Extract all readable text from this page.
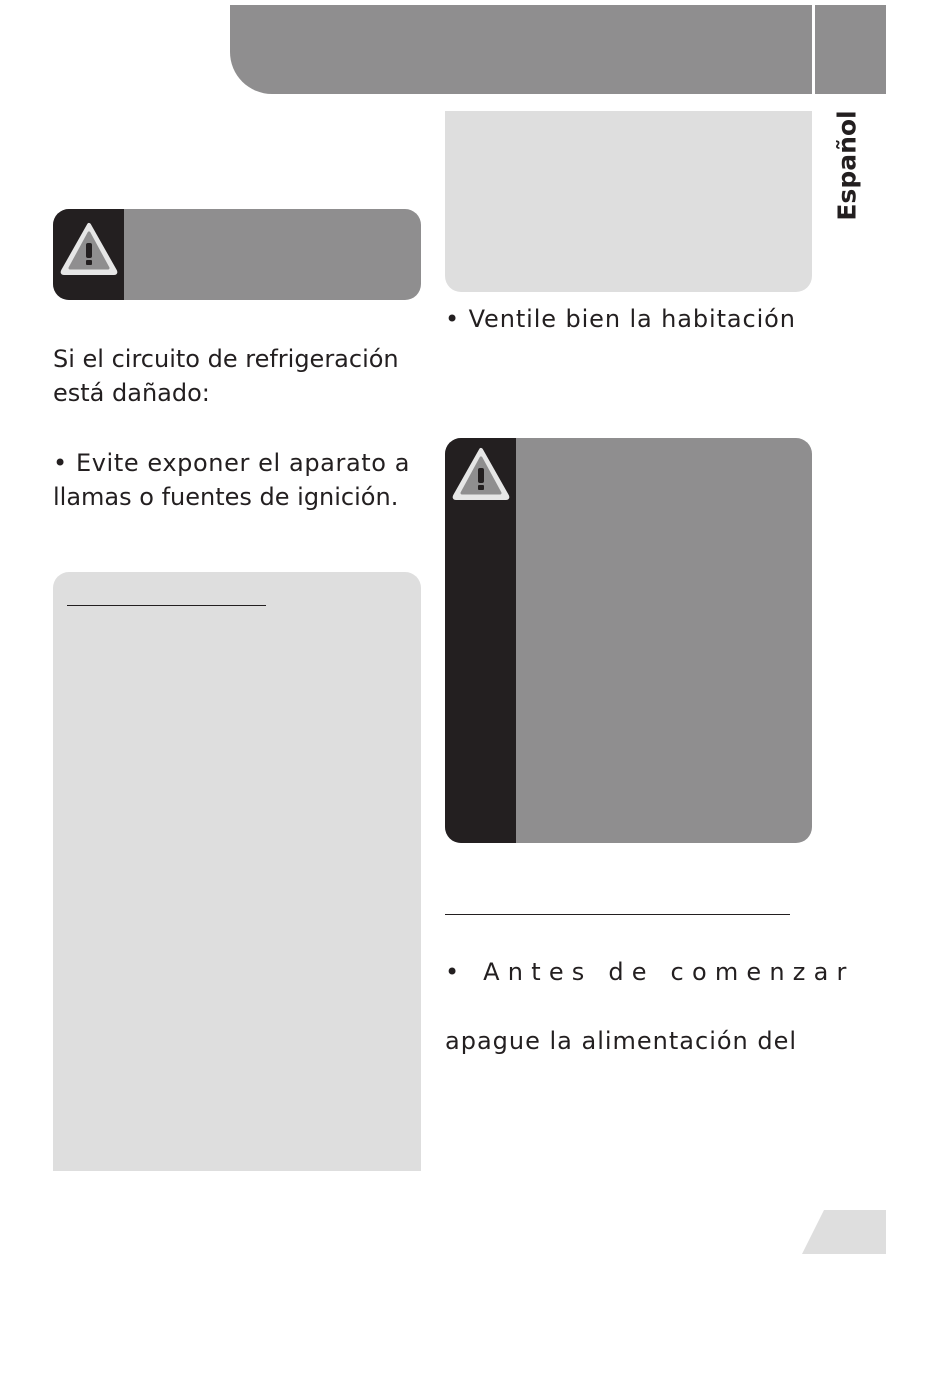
Español
Si el circuito de refrigeración
está dañado:
• Evite exponer el aparato a
llamas o fuentes de ignición.
• Ventile bien la habitación
• Antes de comenzar
apague la alimentación del
